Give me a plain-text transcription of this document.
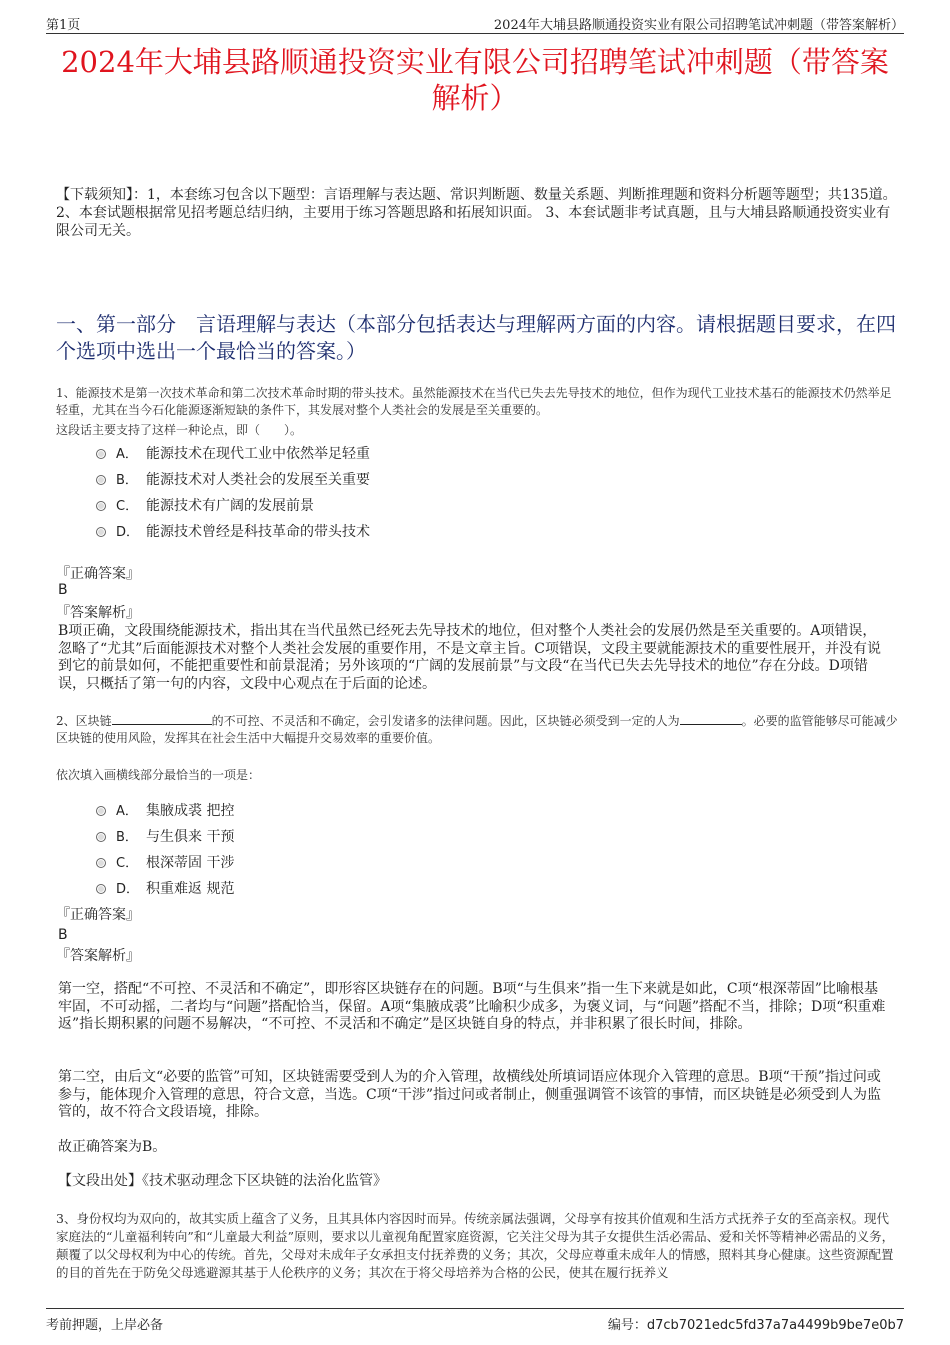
第1页	2024年大埔县路顺通投资实业有限公司招聘笔试冲刺题（带答案解析）
2024年大埔县路顺通投资实业有限公司招聘笔试冲刺题（带答案解析）
【下载须知】：1，本套练习包含以下题型：言语理解与表达题、常识判断题、数量关系题、判断推理题和资料分析题等题型；共135道。 2、本套试题根据常见招考题总结归纳，主要用于练习答题思路和拓展知识面。 3、本套试题非考试真题，且与大埔县路顺通投资实业有限公司无关。
一、第一部分　言语理解与表达（本部分包括表达与理解两方面的内容。请根据题目要求，在四个选项中选出一个最恰当的答案。）
1、能源技术是第一次技术革命和第二次技术革命时期的带头技术。虽然能源技术在当代已失去先导技术的地位，但作为现代工业技术基石的能源技术仍然举足轻重，尤其在当今石化能源逐渐短缺的条件下，其发展对整个人类社会的发展是至关重要的。
这段话主要支持了这样一种论点，即（　　）。
A． 能源技术在现代工业中依然举足轻重
B． 能源技术对人类社会的发展至关重要
C． 能源技术有广阔的发展前景
D． 能源技术曾经是科技革命的带头技术
『正确答案』
B
『答案解析』
B项正确，文段围绕能源技术，指出其在当代虽然已经死去先导技术的地位，但对整个人类社会的发展仍然是至关重要的。A项错误，忽略了“尤其”后面能源技术对整个人类社会发展的重要作用，不是文章主旨。C项错误，文段主要就能源技术的重要性展开，并没有说到它的前景如何，不能把重要性和前景混淆；另外该项的“广阔的发展前景”与文段“在当代已失去先导技术的地位”存在分歧。D项错误，只概括了第一句的内容，文段中心观点在于后面的论述。
2、区块链	的不可控、不灵活和不确定，会引发诸多的法律问题。因此，区块链必须受到一定的人为	。必要的监管能够尽可能减少区块链的使用风险，发挥其在社会生活中大幅提升交易效率的重要价值。
依次填入画横线部分最恰当的一项是：
A． 集腋成裘 把控
B． 与生俱来 干预
C． 根深蒂固 干涉
D． 积重难返 规范
『正确答案』
B
『答案解析』
第一空，搭配“不可控、不灵活和不确定”，即形容区块链存在的问题。B项“与生俱来”指一生下来就是如此，C项“根深蒂固”比喻根基牢固，不可动摇，二者均与“问题”搭配恰当，保留。A项“集腋成裘”比喻积少成多，为褒义词，与“问题”搭配不当，排除；D项“积重难返”指长期积累的问题不易解决，“不可控、不灵活和不确定”是区块链自身的特点，并非积累了很长时间，排除。
第二空，由后文“必要的监管”可知，区块链需要受到人为的介入管理，故横线处所填词语应体现介入管理的意思。B项“干预”指过问或参与，能体现介入管理的意思，符合文意，当选。C项“干涉”指过问或者制止，侧重强调管不该管的事情，而区块链是必须受到人为监管的，故不符合文段语境，排除。
故正确答案为B。
【文段出处】《技术驱动理念下区块链的法治化监管》
3、身份权均为双向的，故其实质上蕴含了义务，且其具体内容因时而异。传统亲属法强调，父母享有按其价值观和生活方式抚养子女的至高亲权。现代家庭法的“儿童福利转向”和“儿童最大利益”原则，要求以儿童视角配置家庭资源，它关注父母为其子女提供生活必需品、爱和关怀等精神必需品的义务，颠覆了以父母权利为中心的传统。首先，父母对未成年子女承担支付抚养费的义务；其次，父母应尊重未成年人的情感，照料其身心健康。这些资源配置的目的首先在于防免父母逃避源其基于人伦秩序的义务；其次在于将父母培养为合格的公民，使其在履行抚养义
考前押题，上岸必备	编号：d7cb7021edc5fd37a7a4499b9be7e0b7
